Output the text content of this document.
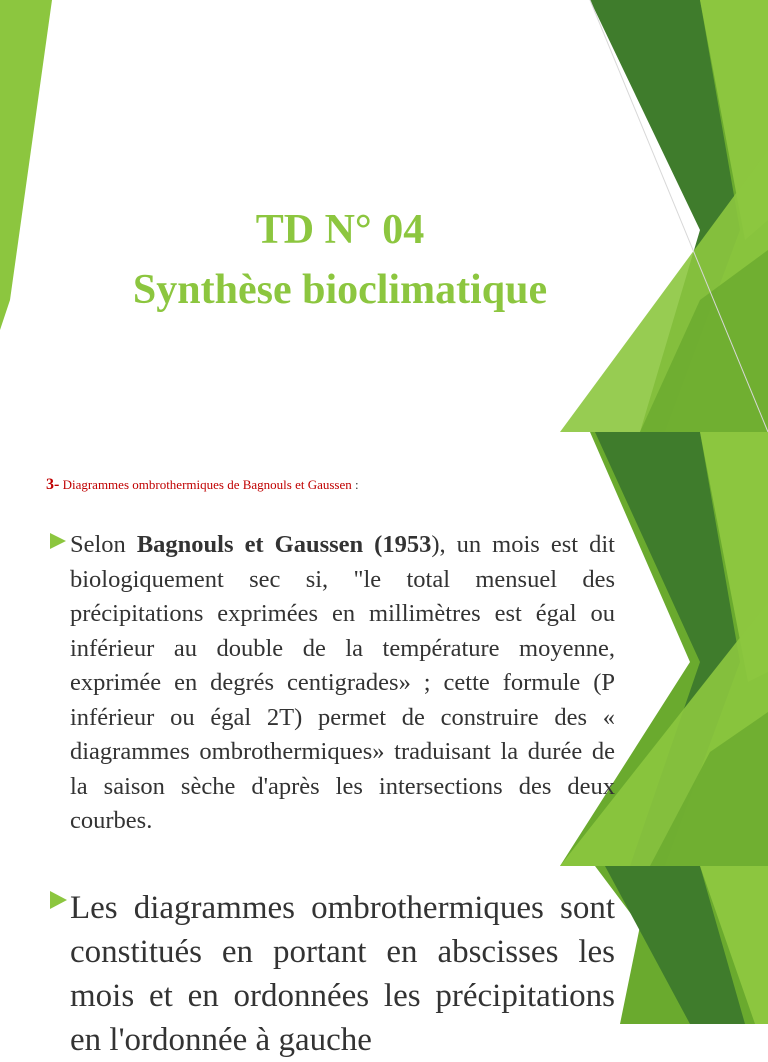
TD N° 04
Synthèse bioclimatique
3- Diagrammes ombrothermiques de Bagnouls et Gaussen :
Selon Bagnouls et Gaussen (1953), un mois est dit biologiquement sec si, "le total mensuel des précipitations exprimées en millimètres est égal ou inférieur au double de la température moyenne, exprimée en degrés centigrades» ; cette formule (P inférieur ou égal 2T) permet de construire des « diagrammes ombrothermiques» traduisant la durée de la saison sèche d'après les intersections des deux courbes.
Les diagrammes ombrothermiques sont constitués en portant en abscisses les mois et en ordonnées les précipitations en l'ordonnée à gauche
